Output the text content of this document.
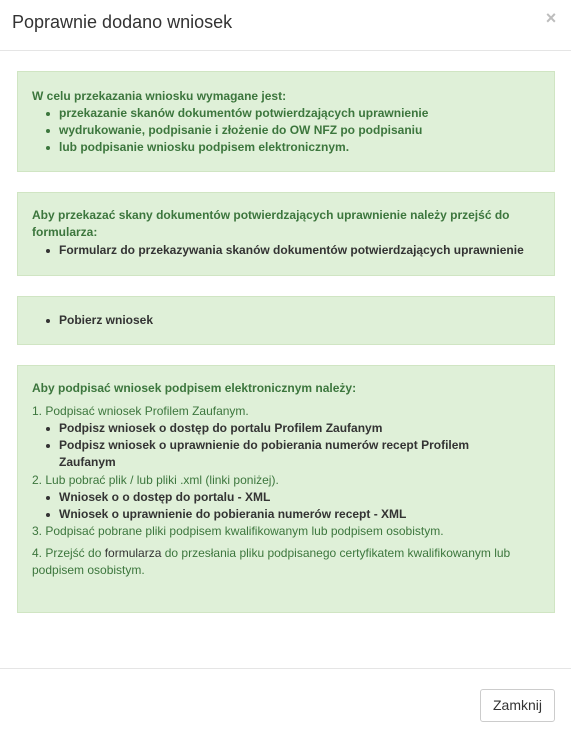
Poprawnie dodano wniosek	×
W celu przekazania wniosku wymagane jest:
przekazanie skanów dokumentów potwierdzających uprawnienie
wydrukowanie, podpisanie i złożenie do OW NFZ po podpisaniu
lub podpisanie wniosku podpisem elektronicznym.
Aby przekazać skany dokumentów potwierdzających uprawnienie należy przejść do
formularza:
Formularz do przekazywania skanów dokumentów potwierdzających uprawnienie
Pobierz wniosek
Aby podpisać wniosek podpisem elektronicznym należy:
1. Podpisać wniosek Profilem Zaufanym.
Podpisz wniosek o dostęp do portalu Profilem Zaufanym
Podpisz wniosek o uprawnienie do pobierania numerów recept Profilem
Zaufanym
2. Lub pobrać plik / lub pliki .xml (linki poniżej).
Wniosek o o dostęp do portalu - XML
Wniosek o uprawnienie do pobierania numerów recept - XML
3. Podpisać pobrane pliki podpisem kwalifikowanym lub podpisem osobistym.
4. Przejść do formularza do przesłania pliku podpisanego certyfikatem kwalifikowanym lub
podpisem osobistym.
Zamknij
